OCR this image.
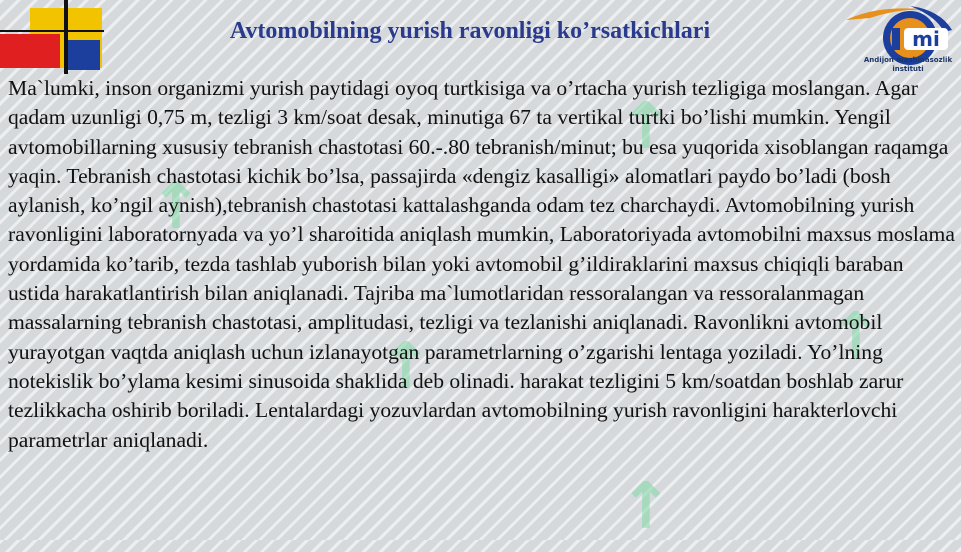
↗
↗
↗	↗
↗
Avtomobilning yurish ravonligi ko’rsatkichlari	mi
Andijon mashinasozlik
instituti

Ma`lumki, inson organizmi yurish paytidagi oyoq turtkisiga va o’rtacha yurish tezligiga moslangan. Agar qadam uzunligi 0,75 m, tezligi 3 km/soat desak, minutiga 67 ta vertikal turtki bo’lishi mumkin. Yengil avtomobillarning xususiy tebranish chastotasi 60.-.80 tebranish/minut; bu esa yuqorida xisoblangan raqamga yaqin. Tebranish chastotasi kichik bo’lsa, passajirda «dengiz kasalligi» alomatlari paydo bo’ladi (bosh aylanish, ko’ngil aynish),tebranish chastotasi kattalashganda odam tez charchaydi. Avtomobilning yurish ravonligini laboratornyada va yo’l sharoitida aniqlash mumkin, Laboratoriyada avtomobilni maxsus moslama yordamida ko’tarib, tezda tashlab yuborish bilan yoki avtomobil g’ildiraklarini maxsus chiqiqli baraban ustida harakatlantirish bilan aniqlanadi. Tajriba ma`lumotlaridan ressoralangan va ressoralanmagan massalarning tebranish chastotasi, amplitudasi, tezligi va tezlanishi aniqlanadi. Ravonlikni avtomobil yurayotgan vaqtda aniqlash uchun izlanayotgan parametrlarning o’zgarishi lentaga yoziladi. Yo’lning notekislik bo’ylama kesimi sinusoida shaklida deb olinadi. harakat tezligini 5 km/soatdan boshlab zarur tezlikkacha oshirib boriladi. Lentalardagi yozuvlardan avtomobilning yurish ravonligini harakterlovchi parametrlar aniqlanadi.
